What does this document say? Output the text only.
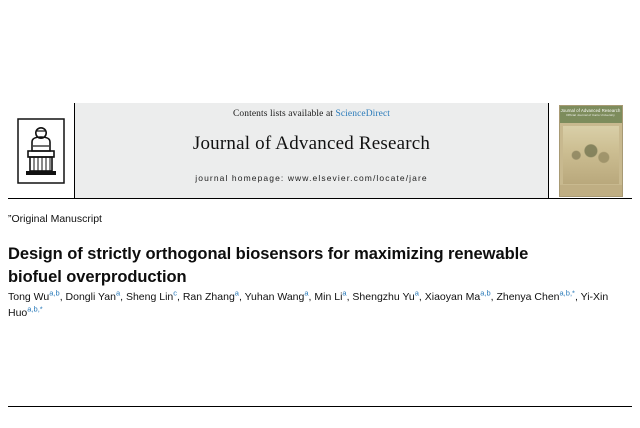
Contents lists available at ScienceDirect
Journal of Advanced Research
journal homepage: www.elsevier.com/locate/jare
Journal of Advanced Research
Official Journal of Cairo University
”Original Manuscript
Design of strictly orthogonal biosensors for maximizing renewable biofuel overproduction
Tong Wu$^{a,b}$, Dongli Yan$^a$, Sheng Lin$^c$, Ran Zhang$^a$, Yuhan Wang$^a$, Min Li$^a$, Shengzhu Yu$^a$, Xiaoyan Ma$^{a,b}$, Zhenya Chen$^{a,b,*}$, Yi-Xin Huo$^{a,b,*}$
